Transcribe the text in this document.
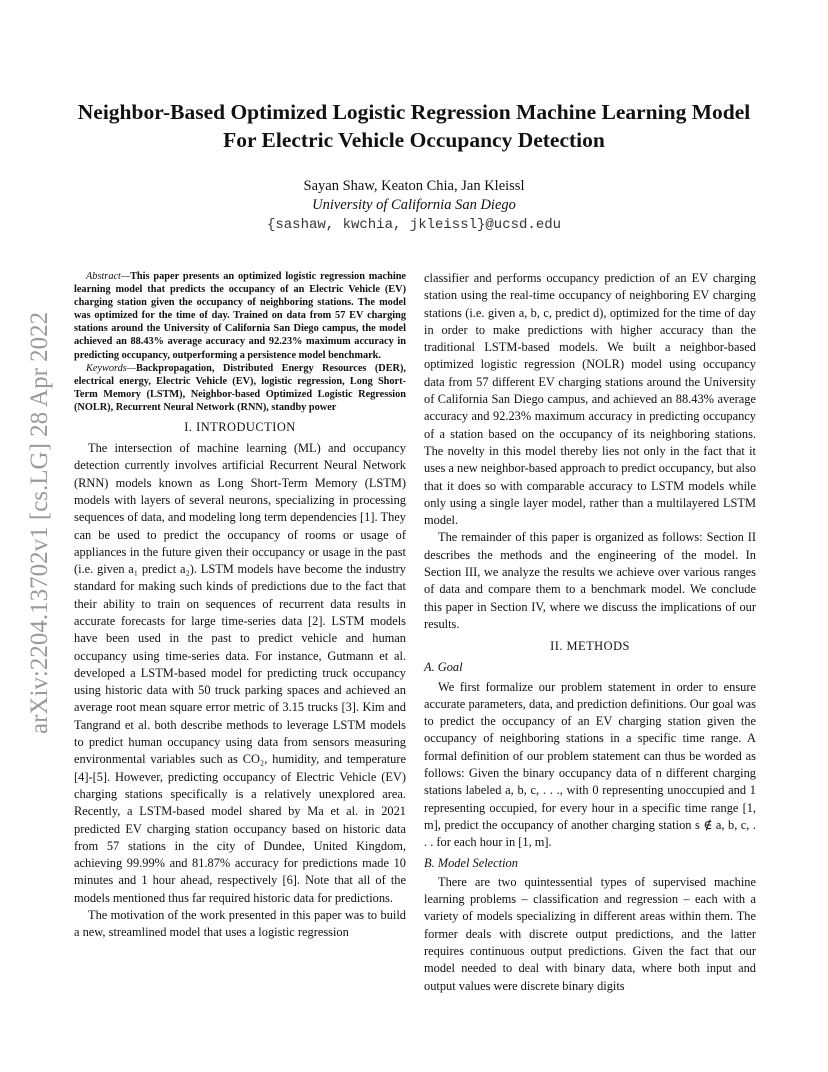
Neighbor-Based Optimized Logistic Regression Machine Learning Model For Electric Vehicle Occupancy Detection
Sayan Shaw, Keaton Chia, Jan Kleissl
University of California San Diego
{sashaw, kwchia, jkleissl}@ucsd.edu
arXiv:2204.13702v1 [cs.LG] 28 Apr 2022

Abstract—This paper presents an optimized logistic regression machine learning model that predicts the occupancy of an Electric Vehicle (EV) charging station given the occupancy of neighboring stations. The model was optimized for the time of day. Trained on data from 57 EV charging stations around the University of California San Diego campus, the model achieved an 88.43% average accuracy and 92.23% maximum accuracy in predicting occupancy, outperforming a persistence model benchmark.

Keywords—Backpropagation, Distributed Energy Resources (DER), electrical energy, Electric Vehicle (EV), logistic regression, Long Short-Term Memory (LSTM), Neighbor-based Optimized Logistic Regression (NOLR), Recurrent Neural Network (RNN), standby power

I. INTRODUCTION

The intersection of machine learning (ML) and occupancy detection currently involves artificial Recurrent Neural Network (RNN) models known as Long Short-Term Memory (LSTM) models with layers of several neurons, specializing in processing sequences of data, and modeling long term dependencies [1]. They can be used to predict the occupancy of rooms or usage of appliances in the future given their occupancy or usage in the past (i.e. given a₁ predict a₂). LSTM models have become the industry standard for making such kinds of predictions due to the fact that their ability to train on sequences of recurrent data results in accurate forecasts for large time-series data [2]. LSTM models have been used in the past to predict vehicle and human occupancy using time-series data. For instance, Gutmann et al. developed a LSTM-based model for predicting truck occupancy using historic data with 50 truck parking spaces and achieved an average root mean square error metric of 3.15 trucks [3]. Kim and Tangrand et al. both describe methods to leverage LSTM models to predict human occupancy using data from sensors measuring environmental variables such as CO₂, humidity, and temperature [4]-[5]. However, predicting occupancy of Electric Vehicle (EV) charging stations specifically is a relatively unexplored area. Recently, a LSTM-based model shared by Ma et al. in 2021 predicted EV charging station occupancy based on historic data from 57 stations in the city of Dundee, United Kingdom, achieving 99.99% and 81.87% accuracy for predictions made 10 minutes and 1 hour ahead, respectively [6]. Note that all of the models mentioned thus far required historic data for predictions.

The motivation of the work presented in this paper was to build a new, streamlined model that uses a logistic regression

classifier and performs occupancy prediction of an EV charging station using the real-time occupancy of neighboring EV charging stations (i.e. given a, b, c, predict d), optimized for the time of day in order to make predictions with higher accuracy than the traditional LSTM-based models. We built a neighbor-based optimized logistic regression (NOLR) model using occupancy data from 57 different EV charging stations around the University of California San Diego campus, and achieved an 88.43% average accuracy and 92.23% maximum accuracy in predicting occupancy of a station based on the occupancy of its neighboring stations. The novelty in this model thereby lies not only in the fact that it uses a new neighbor-based approach to predict occupancy, but also that it does so with comparable accuracy to LSTM models while only using a single layer model, rather than a multilayered LSTM model.

The remainder of this paper is organized as follows: Section II describes the methods and the engineering of the model. In Section III, we analyze the results we achieve over various ranges of data and compare them to a benchmark model. We conclude this paper in Section IV, where we discuss the implications of our results.

II. METHODS
A. Goal

We first formalize our problem statement in order to ensure accurate parameters, data, and prediction definitions. Our goal was to predict the occupancy of an EV charging station given the occupancy of neighboring stations in a specific time range. A formal definition of our problem statement can thus be worded as follows: Given the binary occupancy data of n different charging stations labeled a, b, c, . . ., with 0 representing unoccupied and 1 representing occupied, for every hour in a specific time range [1, m], predict the occupancy of another charging station s ∉ a, b, c, . . . for each hour in [1, m].

B. Model Selection

There are two quintessential types of supervised machine learning problems – classification and regression – each with a variety of models specializing in different areas within them. The former deals with discrete output predictions, and the latter requires continuous output predictions. Given the fact that our model needed to deal with binary data, where both input and output values were discrete binary digits
